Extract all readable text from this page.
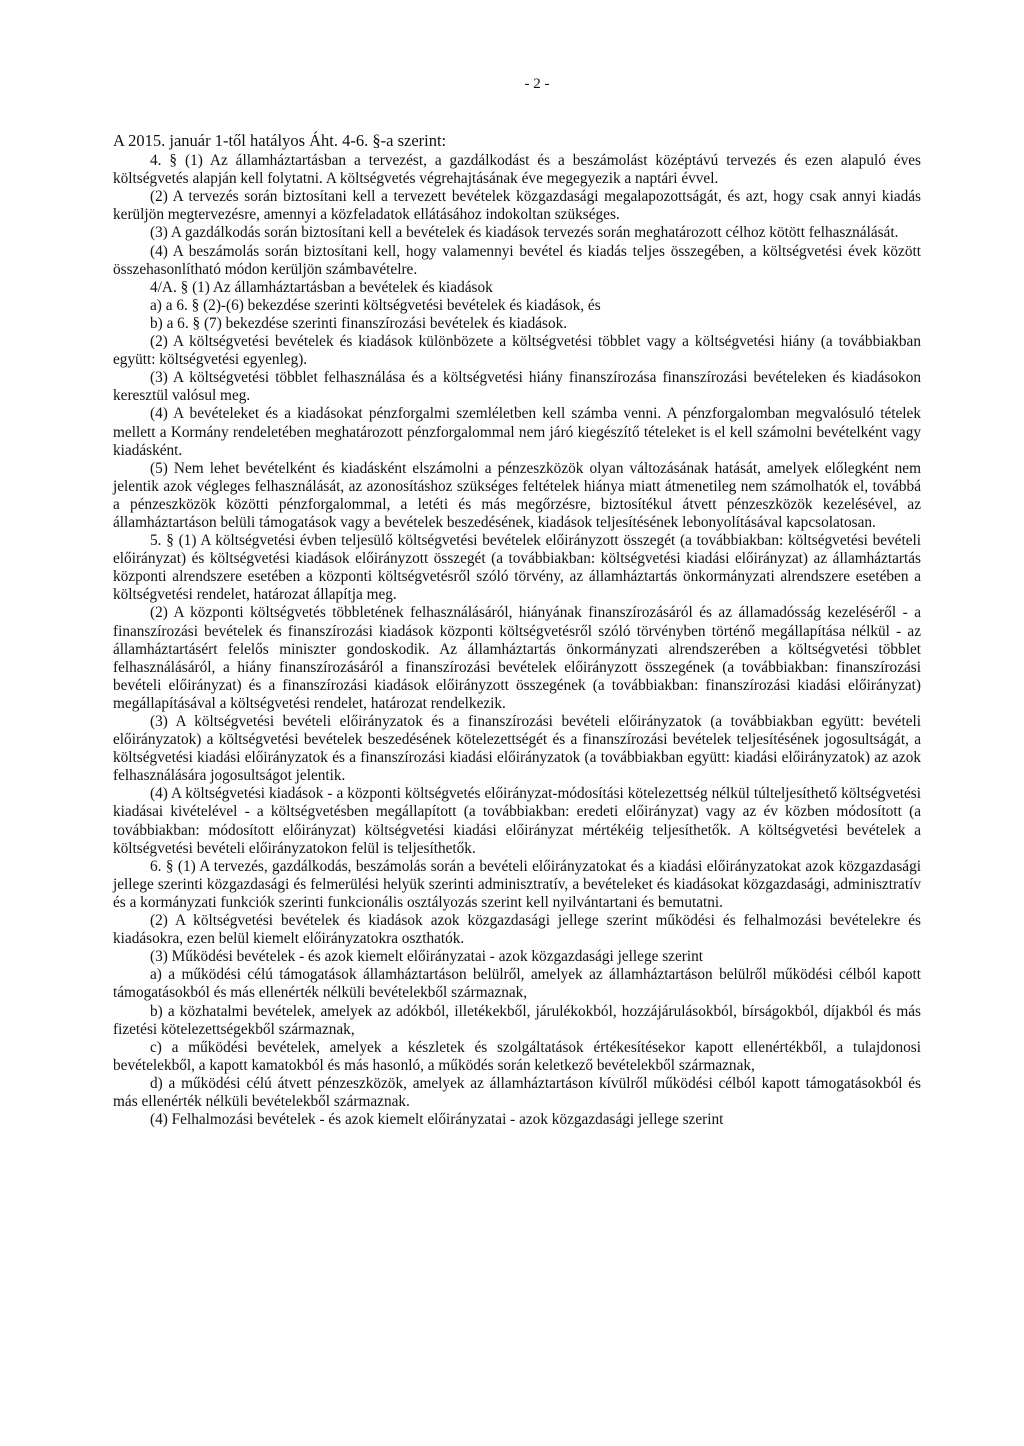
- 2 -

A 2015. január 1-től hatályos Áht. 4-6. §-a szerint:

4. § (1) Az államháztartásban a tervezést, a gazdálkodást és a beszámolást középtávú tervezés és ezen alapuló éves költségvetés alapján kell folytatni. A költségvetés végrehajtásának éve megegyezik a naptári évvel.

(2) A tervezés során biztosítani kell a tervezett bevételek közgazdasági megalapozottságát, és azt, hogy csak annyi kiadás kerüljön megtervezésre, amennyi a közfeladatok ellátásához indokoltan szükséges.

(3) A gazdálkodás során biztosítani kell a bevételek és kiadások tervezés során meghatározott célhoz kötött felhasználását.

(4) A beszámolás során biztosítani kell, hogy valamennyi bevétel és kiadás teljes összegében, a költségvetési évek között összehasonlítható módon kerüljön számbavételre.

4/A. § (1) Az államháztartásban a bevételek és kiadások

a) a 6. § (2)-(6) bekezdése szerinti költségvetési bevételek és kiadások, és

b) a 6. § (7) bekezdése szerinti finanszírozási bevételek és kiadások.

(2) A költségvetési bevételek és kiadások különbözete a költségvetési többlet vagy a költségvetési hiány (a továbbiakban együtt: költségvetési egyenleg).

(3) A költségvetési többlet felhasználása és a költségvetési hiány finanszírozása finanszírozási bevételeken és kiadásokon keresztül valósul meg.

(4) A bevételeket és a kiadásokat pénzforgalmi szemléletben kell számba venni. A pénzforgalomban megvalósuló tételek mellett a Kormány rendeletében meghatározott pénzforgalommal nem járó kiegészítő tételeket is el kell számolni bevételként vagy kiadásként.

(5) Nem lehet bevételként és kiadásként elszámolni a pénzeszközök olyan változásának hatását, amelyek előlegként nem jelentik azok végleges felhasználását, az azonosításhoz szükséges feltételek hiánya miatt átmenetileg nem számolhatók el, továbbá a pénzeszközök közötti pénzforgalommal, a letéti és más megőrzésre, biztosítékul átvett pénzeszközök kezelésével, az államháztartáson belüli támogatások vagy a bevételek beszedésének, kiadások teljesítésének lebonyolításával kapcsolatosan.

5. § (1) A költségvetési évben teljesülő költségvetési bevételek előirányzott összegét (a továbbiakban: költségvetési bevételi előirányzat) és költségvetési kiadások előirányzott összegét (a továbbiakban: költségvetési kiadási előirányzat) az államháztartás központi alrendszere esetében a központi költségvetésről szóló törvény, az államháztartás önkormányzati alrendszere esetében a költségvetési rendelet, határozat állapítja meg.

(2) A központi költségvetés többletének felhasználásáról, hiányának finanszírozásáról és az államadósság kezeléséről - a finanszírozási bevételek és finanszírozási kiadások központi költségvetésről szóló törvényben történő megállapítása nélkül - az államháztartásért felelős miniszter gondoskodik. Az államháztartás önkormányzati alrendszerében a költségvetési többlet felhasználásáról, a hiány finanszírozásáról a finanszírozási bevételek előirányzott összegének (a továbbiakban: finanszírozási bevételi előirányzat) és a finanszírozási kiadások előirányzott összegének (a továbbiakban: finanszírozási kiadási előirányzat) megállapításával a költségvetési rendelet, határozat rendelkezik.

(3) A költségvetési bevételi előirányzatok és a finanszírozási bevételi előirányzatok (a továbbiakban együtt: bevételi előirányzatok) a költségvetési bevételek beszedésének kötelezettségét és a finanszírozási bevételek teljesítésének jogosultságát, a költségvetési kiadási előirányzatok és a finanszírozási kiadási előirányzatok (a továbbiakban együtt: kiadási előirányzatok) az azok felhasználására jogosultságot jelentik.

(4) A költségvetési kiadások - a központi költségvetés előirányzat-módosítási kötelezettség nélkül túlteljesíthető költségvetési kiadásai kivételével - a költségvetésben megállapított (a továbbiakban: eredeti előirányzat) vagy az év közben módosított (a továbbiakban: módosított előirányzat) költségvetési kiadási előirányzat mértékéig teljesíthetők. A költségvetési bevételek a költségvetési bevételi előirányzatokon felül is teljesíthetők.

6. § (1) A tervezés, gazdálkodás, beszámolás során a bevételi előirányzatokat és a kiadási előirányzatokat azok közgazdasági jellege szerinti közgazdasági és felmerülési helyük szerinti adminisztratív, a bevételeket és kiadásokat közgazdasági, adminisztratív és a kormányzati funkciók szerinti funkcionális osztályozás szerint kell nyilvántartani és bemutatni.

(2) A költségvetési bevételek és kiadások azok közgazdasági jellege szerint működési és felhalmozási bevételekre és kiadásokra, ezen belül kiemelt előirányzatokra oszthatók.

(3) Működési bevételek - és azok kiemelt előirányzatai - azok közgazdasági jellege szerint

a) a működési célú támogatások államháztartáson belülről, amelyek az államháztartáson belülről működési célból kapott támogatásokból és más ellenérték nélküli bevételekből származnak,

b) a közhatalmi bevételek, amelyek az adókból, illetékekből, járulékokból, hozzájárulásokból, bírságokból, díjakból és más fizetési kötelezettségekből származnak,

c) a működési bevételek, amelyek a készletek és szolgáltatások értékesítésekor kapott ellenértékből, a tulajdonosi bevételekből, a kapott kamatokból és más hasonló, a működés során keletkező bevételekből származnak,

d) a működési célú átvett pénzeszközök, amelyek az államháztartáson kívülről működési célból kapott támogatásokból és más ellenérték nélküli bevételekből származnak.

(4) Felhalmozási bevételek - és azok kiemelt előirányzatai - azok közgazdasági jellege szerint
